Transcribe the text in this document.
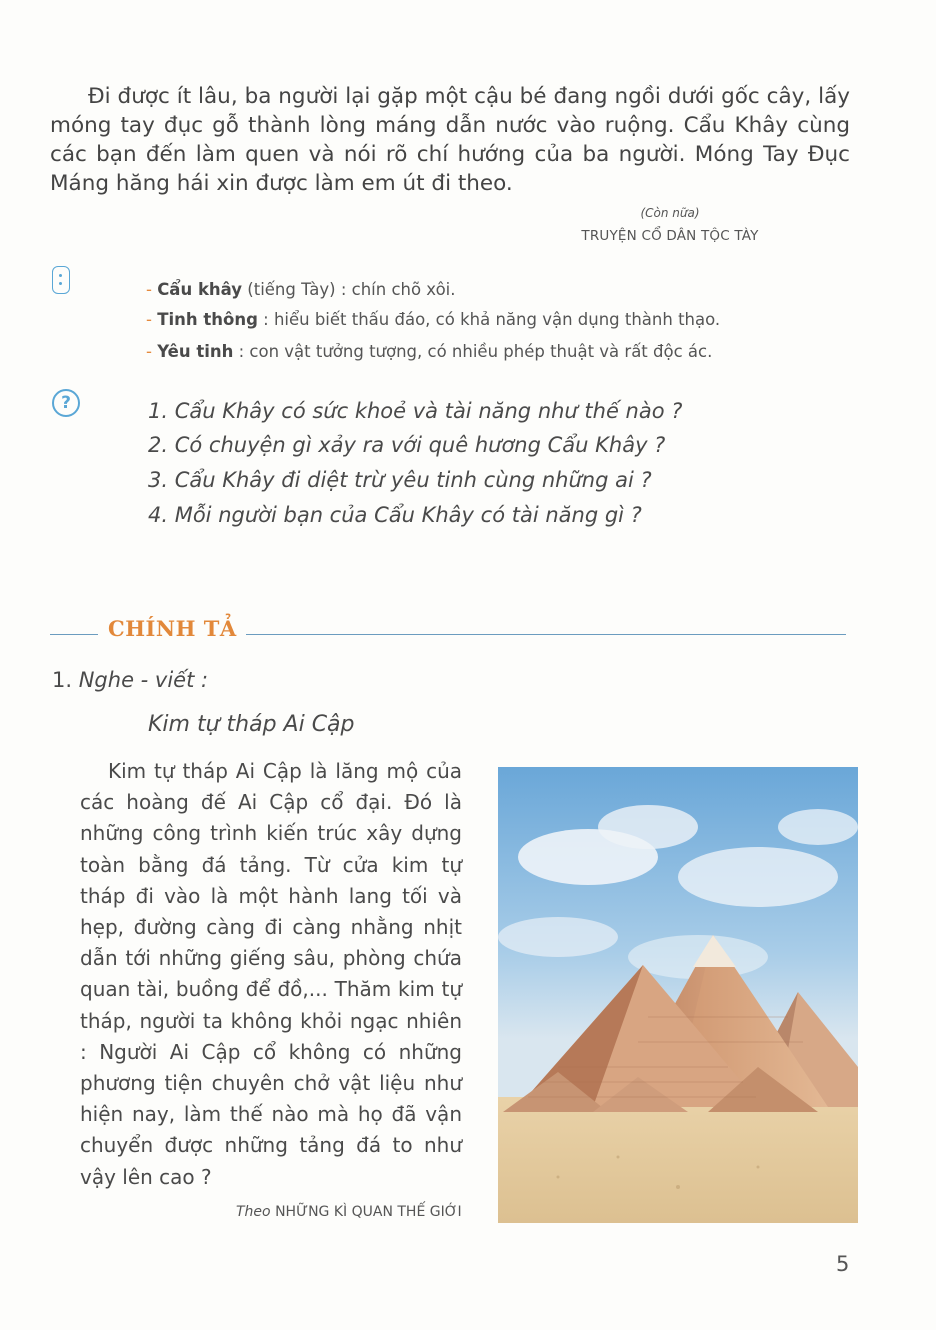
Đi được ít lâu, ba người lại gặp một cậu bé đang ngồi dưới gốc cây, lấy móng tay đục gỗ thành lòng máng dẫn nước vào ruộng. Cẩu Khây cùng các bạn đến làm quen và nói rõ chí hướng của ba người. Móng Tay Đục Máng hăng hái xin được làm em út đi theo.

(Còn nữa)
TRUYỆN CỔ DÂN TỘC TÀY
- Cẩu khây (tiếng Tày) : chín chõ xôi.
- Tinh thông : hiểu biết thấu đáo, có khả năng vận dụng thành thạo.
- Yêu tinh : con vật tưởng tượng, có nhiều phép thuật và rất độc ác.
?	1. Cẩu Khây có sức khoẻ và tài năng như thế nào ?
2. Có chuyện gì xảy ra với quê hương Cẩu Khây ?
3. Cẩu Khây đi diệt trừ yêu tinh cùng những ai ?
4. Mỗi người bạn của Cẩu Khây có tài năng gì ?
CHÍNH TẢ
1. Nghe - viết :
Kim tự tháp Ai Cập

Kim tự tháp Ai Cập là lăng mộ của các hoàng đế Ai Cập cổ đại. Đó là những công trình kiến trúc xây dựng toàn bằng đá tảng. Từ cửa kim tự tháp đi vào là một hành lang tối và hẹp, đường càng đi càng nhằng nhịt dẫn tới những giếng sâu, phòng chứa quan tài, buồng để đồ,... Thăm kim tự tháp, người ta không khỏi ngạc nhiên : Người Ai Cập cổ không có những phương tiện chuyên chở vật liệu như hiện nay, làm thế nào mà họ đã vận chuyển được những tảng đá to như vậy lên cao ?

Theo NHỮNG KÌ QUAN THẾ GIỚI
5
